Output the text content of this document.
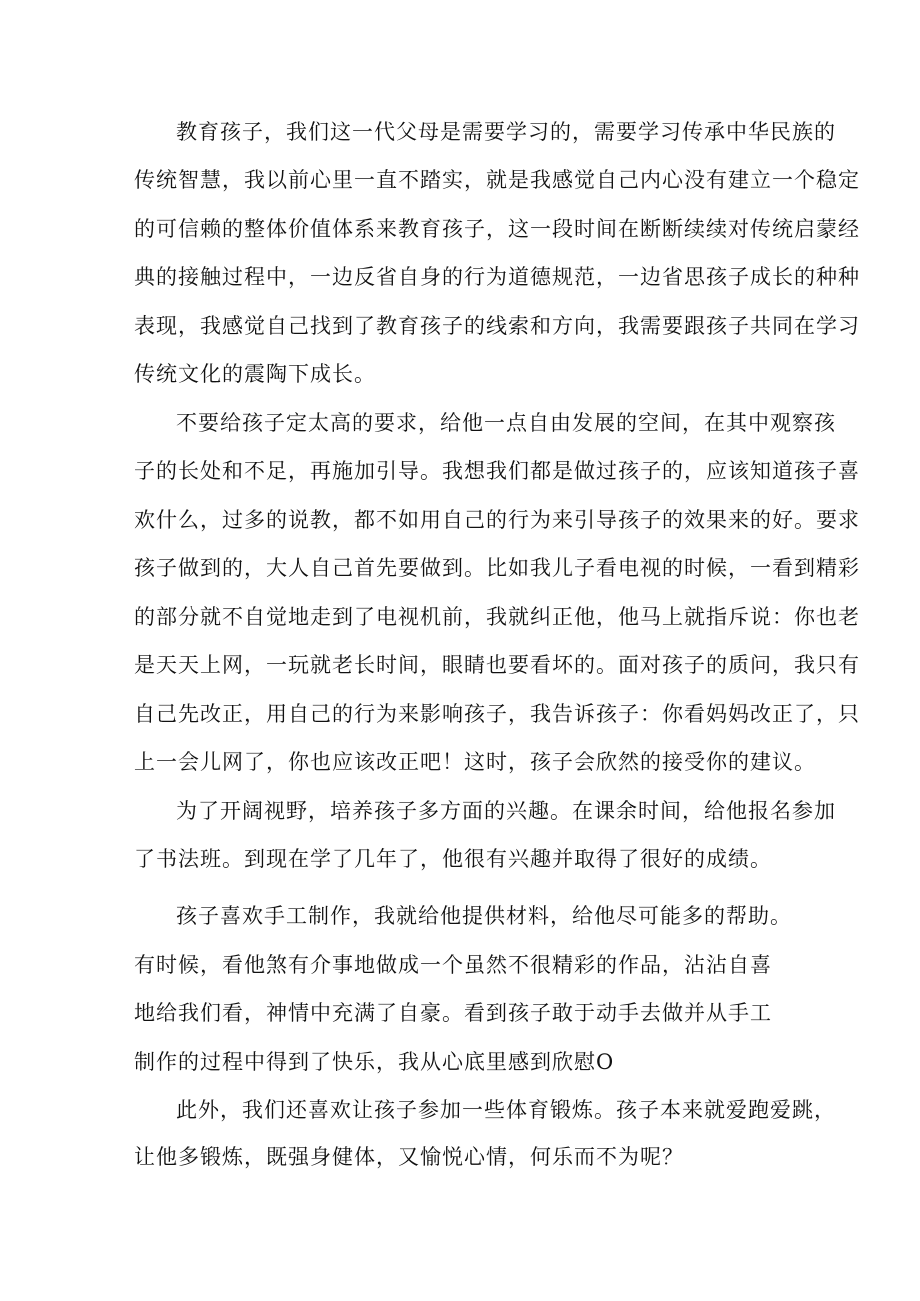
教育孩子，我们这一代父母是需要学习的，需要学习传承中华民族的
传统智慧，我以前心里一直不踏实，就是我感觉自己内心没有建立一个稳定
的可信赖的整体价值体系来教育孩子，这一段时间在断断续续对传统启蒙经
典的接触过程中，一边反省自身的行为道德规范，一边省思孩子成长的种种
表现，我感觉自己找到了教育孩子的线索和方向，我需要跟孩子共同在学习
传统文化的震陶下成长。
不要给孩子定太高的要求，给他一点自由发展的空间，在其中观察孩
子的长处和不足，再施加引导。我想我们都是做过孩子的，应该知道孩子喜
欢什么，过多的说教，都不如用自己的行为来引导孩子的效果来的好。要求
孩子做到的，大人自己首先要做到。比如我儿子看电视的时候，一看到精彩
的部分就不自觉地走到了电视机前，我就纠正他，他马上就指斥说：你也老
是天天上网，一玩就老长时间，眼睛也要看坏的。面对孩子的质问，我只有
自己先改正，用自己的行为来影响孩子，我告诉孩子：你看妈妈改正了，只
上一会儿网了，你也应该改正吧！这时，孩子会欣然的接受你的建议。
为了开阔视野，培养孩子多方面的兴趣。在课余时间，给他报名参加
了书法班。到现在学了几年了，他很有兴趣并取得了很好的成绩。
孩子喜欢手工制作，我就给他提供材料，给他尽可能多的帮助。
有时候，看他煞有介事地做成一个虽然不很精彩的作品，沾沾自喜
地给我们看，神情中充满了自豪。看到孩子敢于动手去做并从手工
制作的过程中得到了快乐，我从心底里感到欣慰O
此外，我们还喜欢让孩子参加一些体育锻炼。孩子本来就爱跑爱跳，
让他多锻炼，既强身健体，又愉悦心情，何乐而不为呢？
